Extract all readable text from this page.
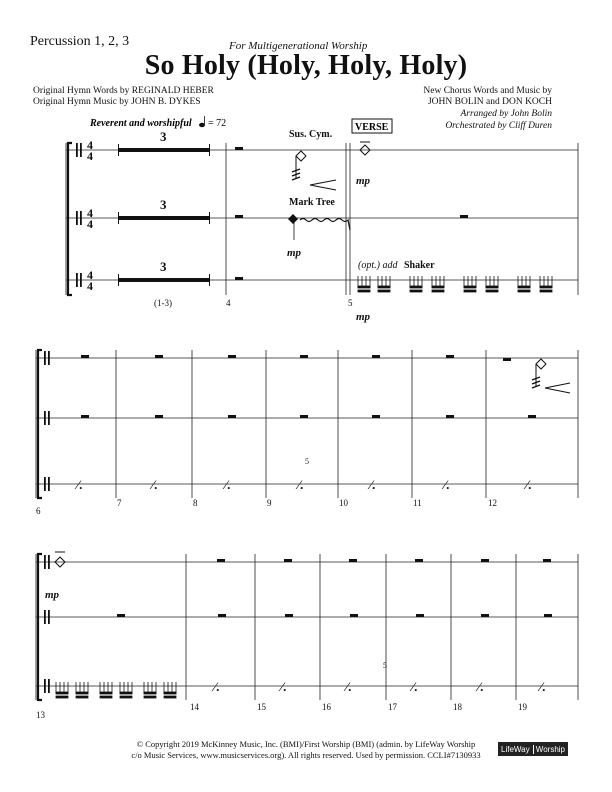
Percussion 1, 2, 3	For Multigenerational Worship
So Holy (Holy, Holy, Holy)
Original Hymn Words by REGINALD HEBER
Original Hymn Music by JOHN B. DYKES
New Chorus Words and Music by
JOHN BOLIN and DON KOCH
Arranged by John Bolin
Orchestrated by Cliff Duren
4
4
4
4
4
4
Reverent and worshipful = 72	VERSE
3
3
3
Sus. Cym.
Mark Tree
Shaker
(opt.) add
mp
mp
mp
mp
∕.	∕.	∕.	∕.	∕.	∕.	∕.
∕.	∕.	∕.	∕.	∕.	∕.
5
5
(1-3)	4	5
6
7	8	9	10	11	12
13
14	15	16	17	18	19
© Copyright 2019 McKinney Music, Inc. (BMI)/First Worship (BMI) (admin. by LifeWay Worship
c/o Music Services, www.musicservices.org). All rights reserved. Used by permission. CCLI#7130933
LifeWay Worship
